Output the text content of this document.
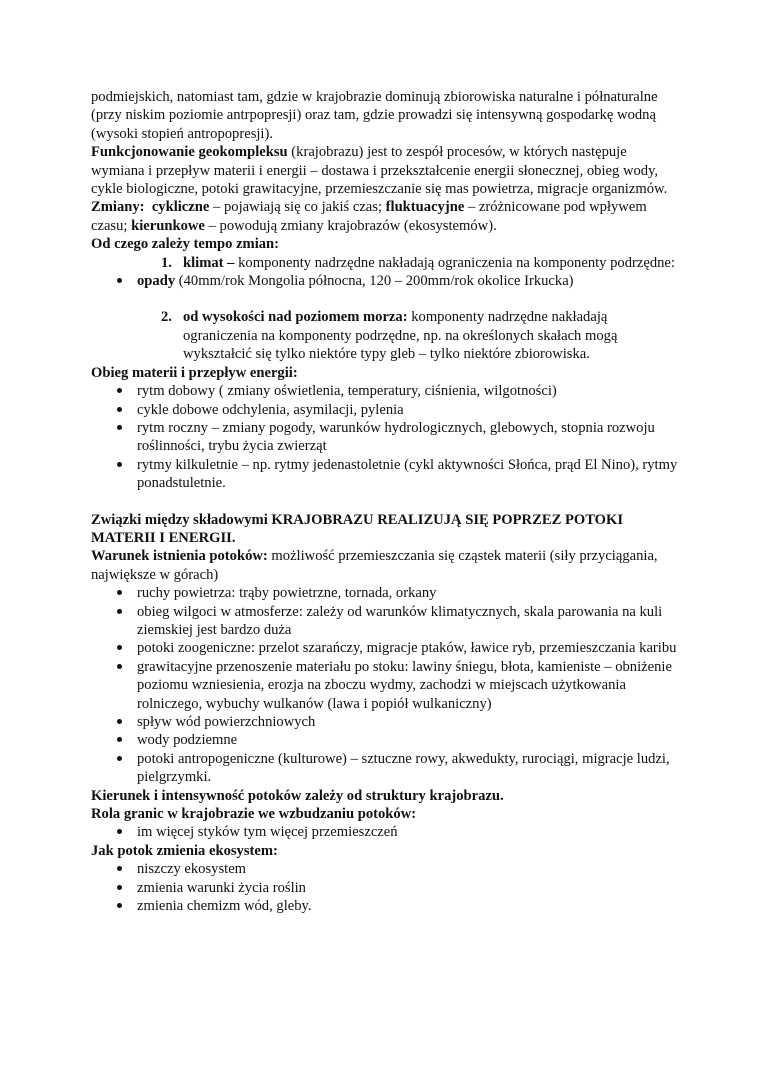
podmiejskich, natomiast tam, gdzie w krajobrazie dominują zbiorowiska naturalne i półnaturalne (przy niskim poziomie antrpopresji) oraz tam, gdzie prowadzi się intensywną gospodarkę wodną (wysoki stopień antropopresji).

Funkcjonowanie geokompleksu (krajobrazu) jest to zespół procesów, w których następuje wymiana i przepływ materii i energii – dostawa i przekształcenie energii słonecznej, obieg wody, cykle biologiczne, potoki grawitacyjne, przemieszczanie się mas powietrza, migracje organizmów.

Zmiany:  cykliczne – pojawiają się co jakiś czas; fluktuacyjne – zróżnicowane pod wpływem czasu; kierunkowe – powodują zmiany krajobrazów (ekosystemów).

Od czego zależy tempo zmian:

1. klimat – komponenty nadrzędne nakładają ograniczenia na komponenty podrzędne:
opady (40mm/rok Mongolia północna, 120 – 200mm/rok okolice Irkucka)
2. od wysokości nad poziomem morza: komponenty nadrzędne nakładają ograniczenia na komponenty podrzędne, np. na określonych skałach mogą wykształcić się tylko niektóre typy gleb – tylko niektóre zbiorowiska.

Obieg materii i przepływ energii:

rytm dobowy ( zmiany oświetlenia, temperatury, ciśnienia, wilgotności)
cykle dobowe odchylenia, asymilacji, pylenia
rytm roczny – zmiany pogody, warunków hydrologicznych, glebowych, stopnia rozwoju roślinności, trybu życia zwierząt
rytmy kilkuletnie – np. rytmy jedenastoletnie (cykl aktywności Słońca, prąd El Nino), rytmy ponadstuletnie.

Związki między składowymi KRAJOBRAZU REALIZUJĄ SIĘ POPRZEZ POTOKI MATERII I ENERGII.

Warunek istnienia potoków: możliwość przemieszczania się cząstek materii (siły przyciągania, największe w górach)

ruchy powietrza: trąby powietrzne, tornada, orkany
obieg wilgoci w atmosferze: zależy od warunków klimatycznych, skala parowania na kuli ziemskiej jest bardzo duża
potoki zoogeniczne: przelot szarańczy, migracje ptaków, ławice ryb, przemieszczania karibu
grawitacyjne przenoszenie materiału po stoku: lawiny śniegu, błota, kamieniste – obniżenie poziomu wzniesienia, erozja na zboczu wydmy, zachodzi w miejscach użytkowania rolniczego, wybuchy wulkanów (lawa i popiół wulkaniczny)
spływ wód powierzchniowych
wody podziemne
potoki antropogeniczne (kulturowe) – sztuczne rowy, akwedukty, rurociągi, migracje ludzi, pielgrzymki.

Kierunek i intensywność potoków zależy od struktury krajobrazu.

Rola granic w krajobrazie we wzbudzaniu potoków:

im więcej styków tym więcej przemieszczeń

Jak potok zmienia ekosystem:

niszczy ekosystem
zmienia warunki życia roślin
zmienia chemizm wód, gleby.
